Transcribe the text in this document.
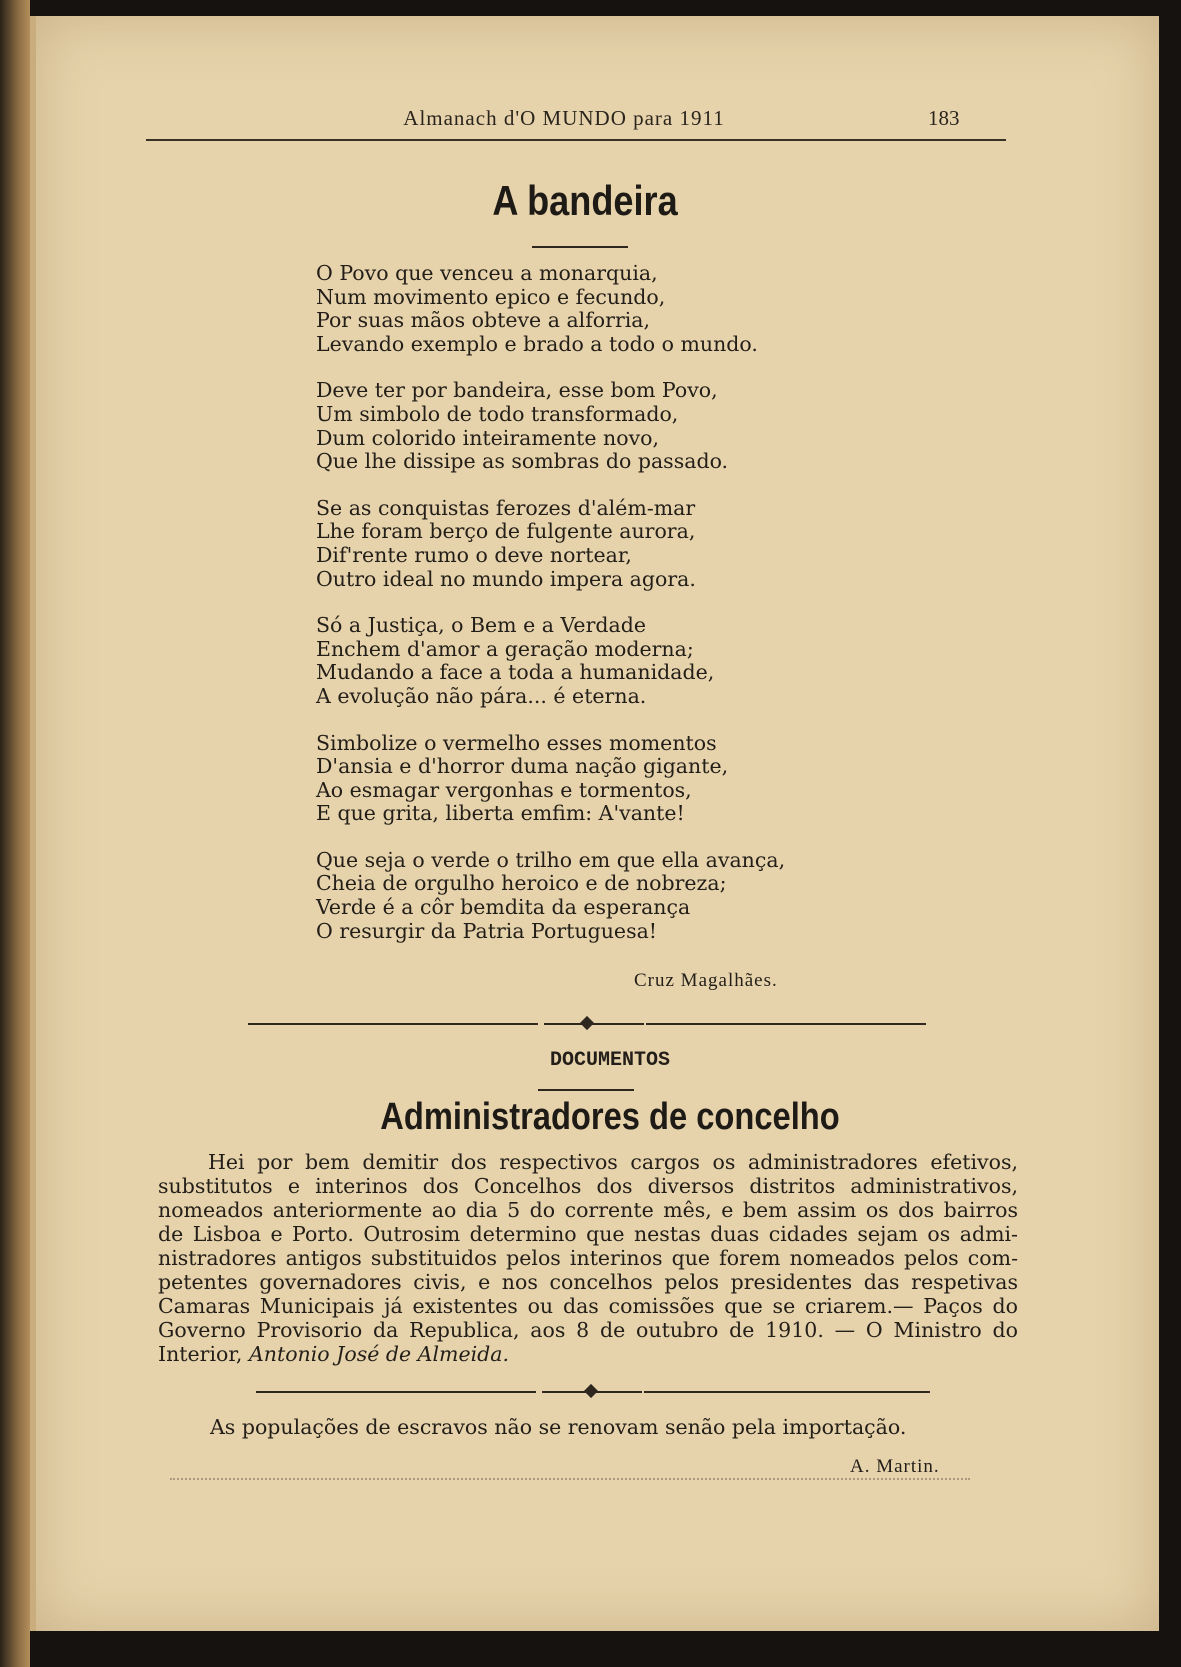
Almanach d'O MUNDO para 1911	183
A bandeira
O Povo que venceu a monarquia,
Num movimento epico e fecundo,
Por suas mãos obteve a alforria,
Levando exemplo e brado a todo o mundo.
Deve ter por bandeira, esse bom Povo,
Um simbolo de todo transformado,
Dum colorido inteiramente novo,
Que lhe dissipe as sombras do passado.
Se as conquistas ferozes d'além-mar
Lhe foram berço de fulgente aurora,
Dif'rente rumo o deve nortear,
Outro ideal no mundo impera agora.
Só a Justiça, o Bem e a Verdade
Enchem d'amor a geração moderna;
Mudando a face a toda a humanidade,
A evolução não pára... é eterna.
Simbolize o vermelho esses momentos
D'ansia e d'horror duma nação gigante,
Ao esmagar vergonhas e tormentos,
E que grita, liberta emfim: A'vante!
Que seja o verde o trilho em que ella avança,
Cheia de orgulho heroico e de nobreza;
Verde é a côr bemdita da esperança
O resurgir da Patria Portuguesa!
Cruz Magalhães.
DOCUMENTOS
Administradores de concelho
Hei por bem demitir dos respectivos cargos os administradores efetivos,
substitutos e interinos dos Concelhos dos diversos distritos administrativos,
nomeados anteriormente ao dia 5 do corrente mês, e bem assim os dos bairros
de Lisboa e Porto. Outrosim determino que nestas duas cidades sejam os admi-
nistradores antigos substituidos pelos interinos que forem nomeados pelos com-
petentes governadores civis, e nos concelhos pelos presidentes das respetivas
Camaras Municipais já existentes ou das comissões que se criarem.— Paços do
Governo Provisorio da Republica, aos 8 de outubro de 1910. — O Ministro do
Interior, Antonio José de Almeida.
As populações de escravos não se renovam senão pela importação.
A. Martin.
